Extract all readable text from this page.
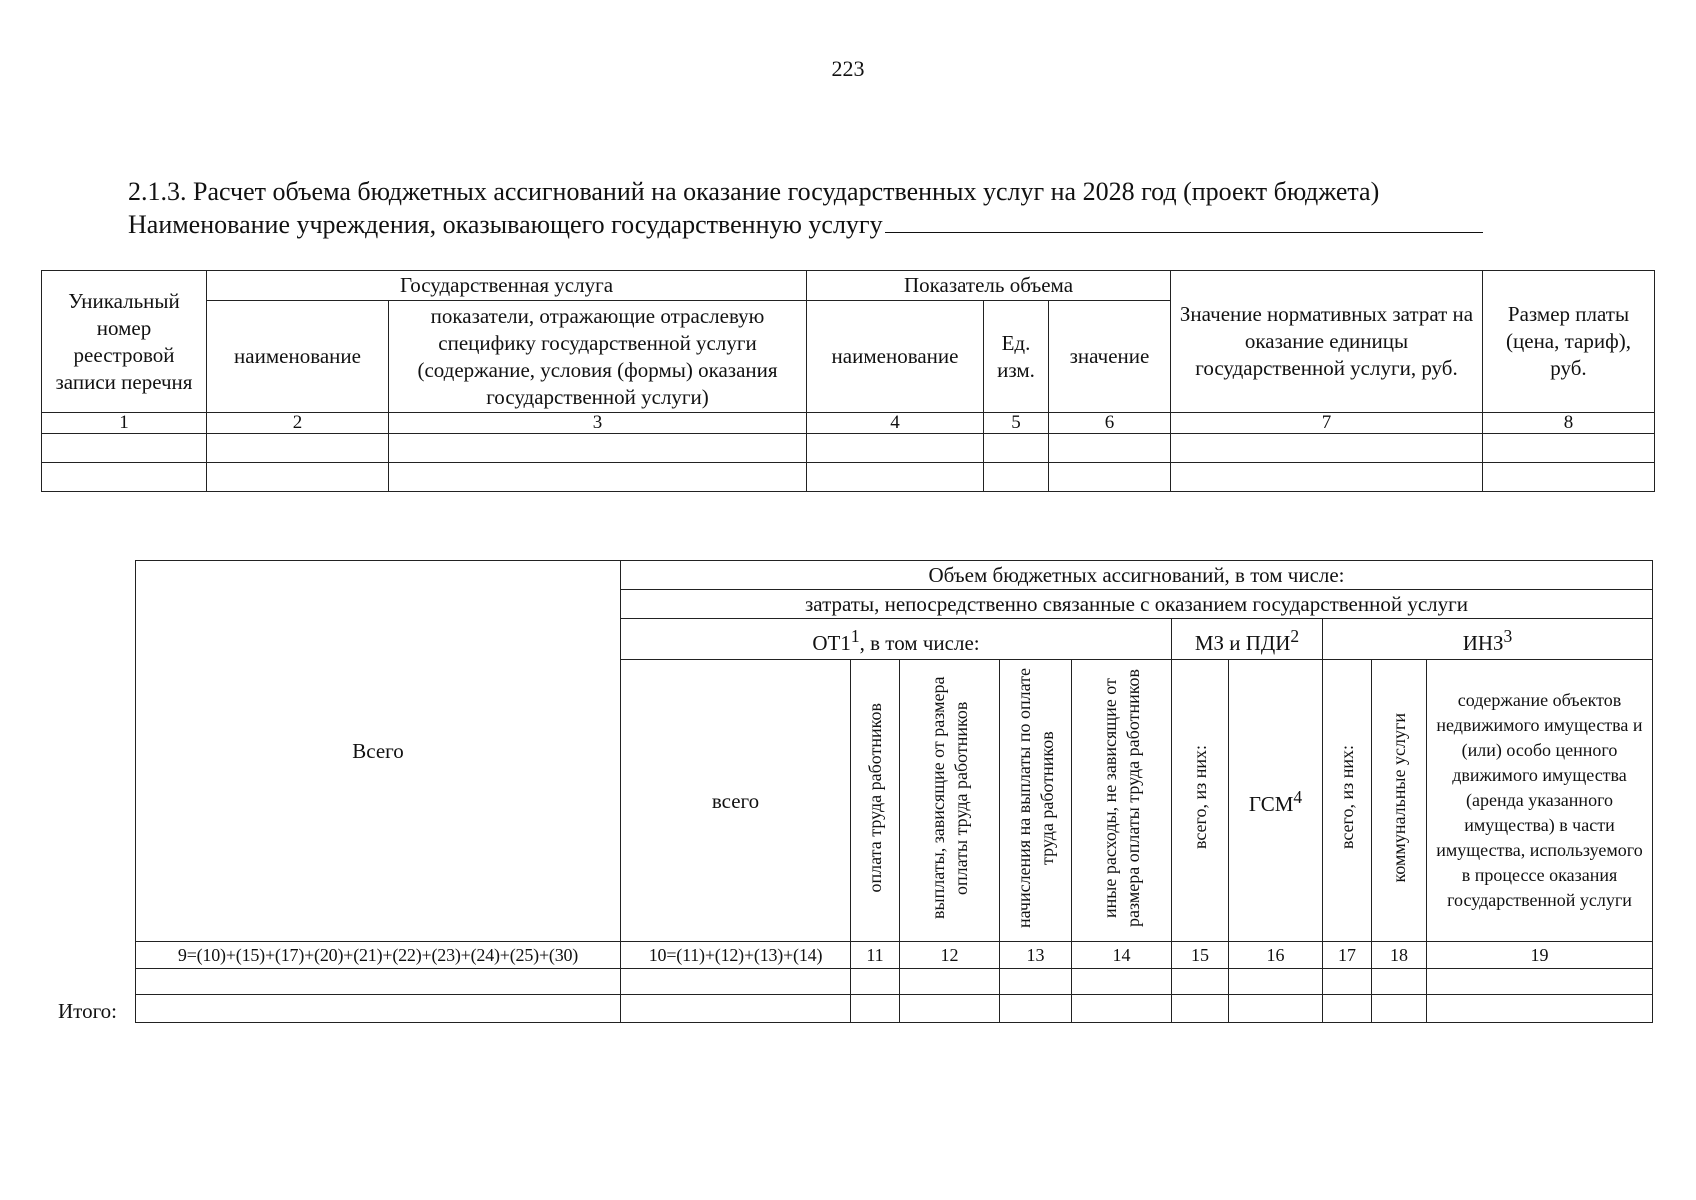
223
2.1.3. Расчет объема бюджетных ассигнований на оказание государственных услуг на 2028 год (проект бюджета)
Наименование учреждения, оказывающего государственную услугу
Уникальный номер реестровой записи перечня	Государственная услуга		Показатель объема			Значение нормативных затрат на оказание единицы государственной услуги, руб.	Размер платы (цена, тариф), руб.
	наименование	показатели, отражающие отраслевую специфику государственной услуги (содержание, условия (формы) оказания государственной услуги)	наименование	Ед. изм.	значение		
1	2	3	4	5	6	7	8

Всего	Объем бюджетных ассигнований, в том числе:									
	затраты, непосредственно связанные с оказанием государственной услуги									
	$ОТ1^1$, в том числе:					МЗ и ПДИ$^2$		ИНЗ$^3$
	всего	оплата труда работников	выплаты, зависящие от размера оплаты труда работников	начисления на выплаты по оплате труда работников	иные расходы, не зависящие от размера оплаты труда работников	всего, из них:	ГСМ$^4$	всего, из них:	коммунальные услуги	содержание объектов недвижимого имущества и (или) особо ценного движимого имущества (аренда указанного имущества) в части имущества, используемого в процессе оказания государственной услуги
9=(10)+(15)+(17)+(20)+(21)+(22)+(23)+(24)+(25)+(30)	10=(11)+(12)+(13)+(14)	11	12	13	14	15	16	17	18	19

Итого:
